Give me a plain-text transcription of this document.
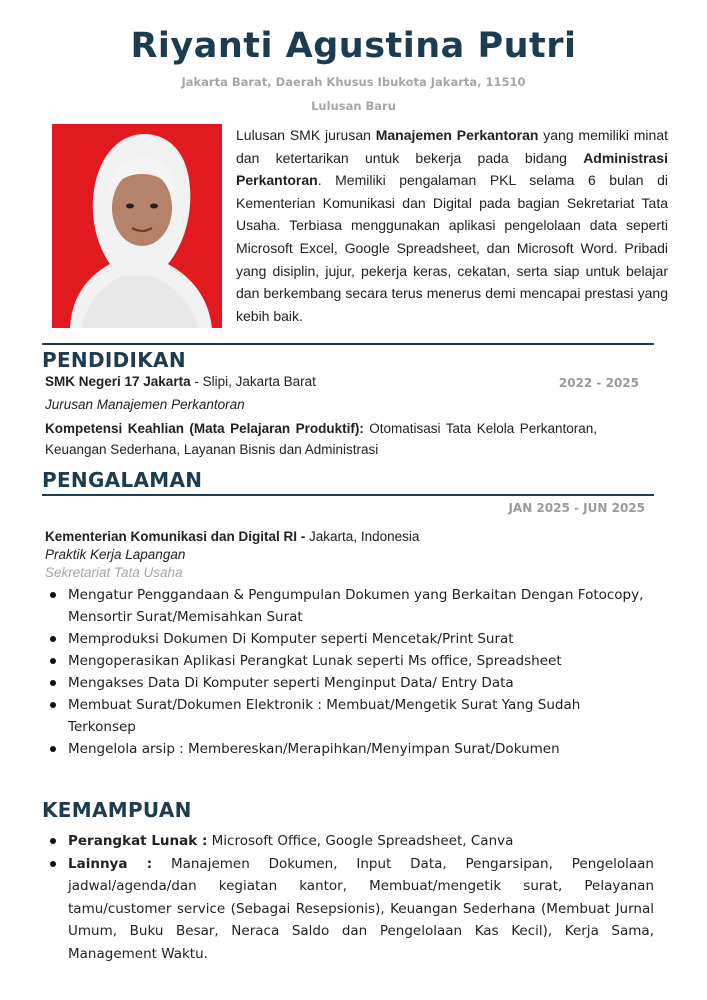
Riyanti Agustina Putri
Jakarta Barat, Daerah Khusus Ibukota Jakarta, 11510
Lulusan Baru
Lulusan SMK jurusan Manajemen Perkantoran yang memiliki minat dan ketertarikan untuk bekerja pada bidang Administrasi Perkantoran. Memiliki pengalaman PKL selama 6 bulan di Kementerian Komunikasi dan Digital pada bagian Sekretariat Tata Usaha. Terbiasa menggunakan aplikasi pengelolaan data seperti Microsoft Excel, Google Spreadsheet, dan Microsoft Word. Pribadi yang disiplin, jujur, pekerja keras, cekatan, serta siap untuk belajar dan berkembang secara terus menerus demi mencapai prestasi yang kebih baik.
PENDIDIKAN
SMK Negeri 17 Jakarta - Slipi, Jakarta Barat	2022 - 2025
Jurusan Manajemen Perkantoran
Kompetensi Keahlian (Mata Pelajaran Produktif): Otomatisasi Tata Kelola Perkantoran, Keuangan Sederhana, Layanan Bisnis dan Administrasi
PENGALAMAN
JAN 2025 - JUN 2025
Kementerian Komunikasi dan Digital RI - Jakarta, Indonesia
Praktik Kerja Lapangan
Sekretariat Tata Usaha
Mengatur Penggandaan & Pengumpulan Dokumen yang Berkaitan Dengan Fotocopy, Mensortir Surat/Memisahkan Surat
Memproduksi Dokumen Di Komputer seperti Mencetak/Print Surat
Mengoperasikan Aplikasi Perangkat Lunak seperti Ms office, Spreadsheet
Mengakses Data Di Komputer seperti Menginput Data/ Entry Data
Membuat Surat/Dokumen Elektronik : Membuat/Mengetik Surat Yang Sudah Terkonsep
Mengelola arsip : Membereskan/Merapihkan/Menyimpan Surat/Dokumen
KEMAMPUAN
Perangkat Lunak : Microsoft Office, Google Spreadsheet, Canva
Lainnya : Manajemen Dokumen, Input Data, Pengarsipan, Pengelolaan jadwal/agenda/dan kegiatan kantor, Membuat/mengetik surat, Pelayanan tamu/customer service (Sebagai Resepsionis), Keuangan Sederhana (Membuat Jurnal Umum, Buku Besar, Neraca Saldo dan Pengelolaan Kas Kecil), Kerja Sama, Management Waktu.
